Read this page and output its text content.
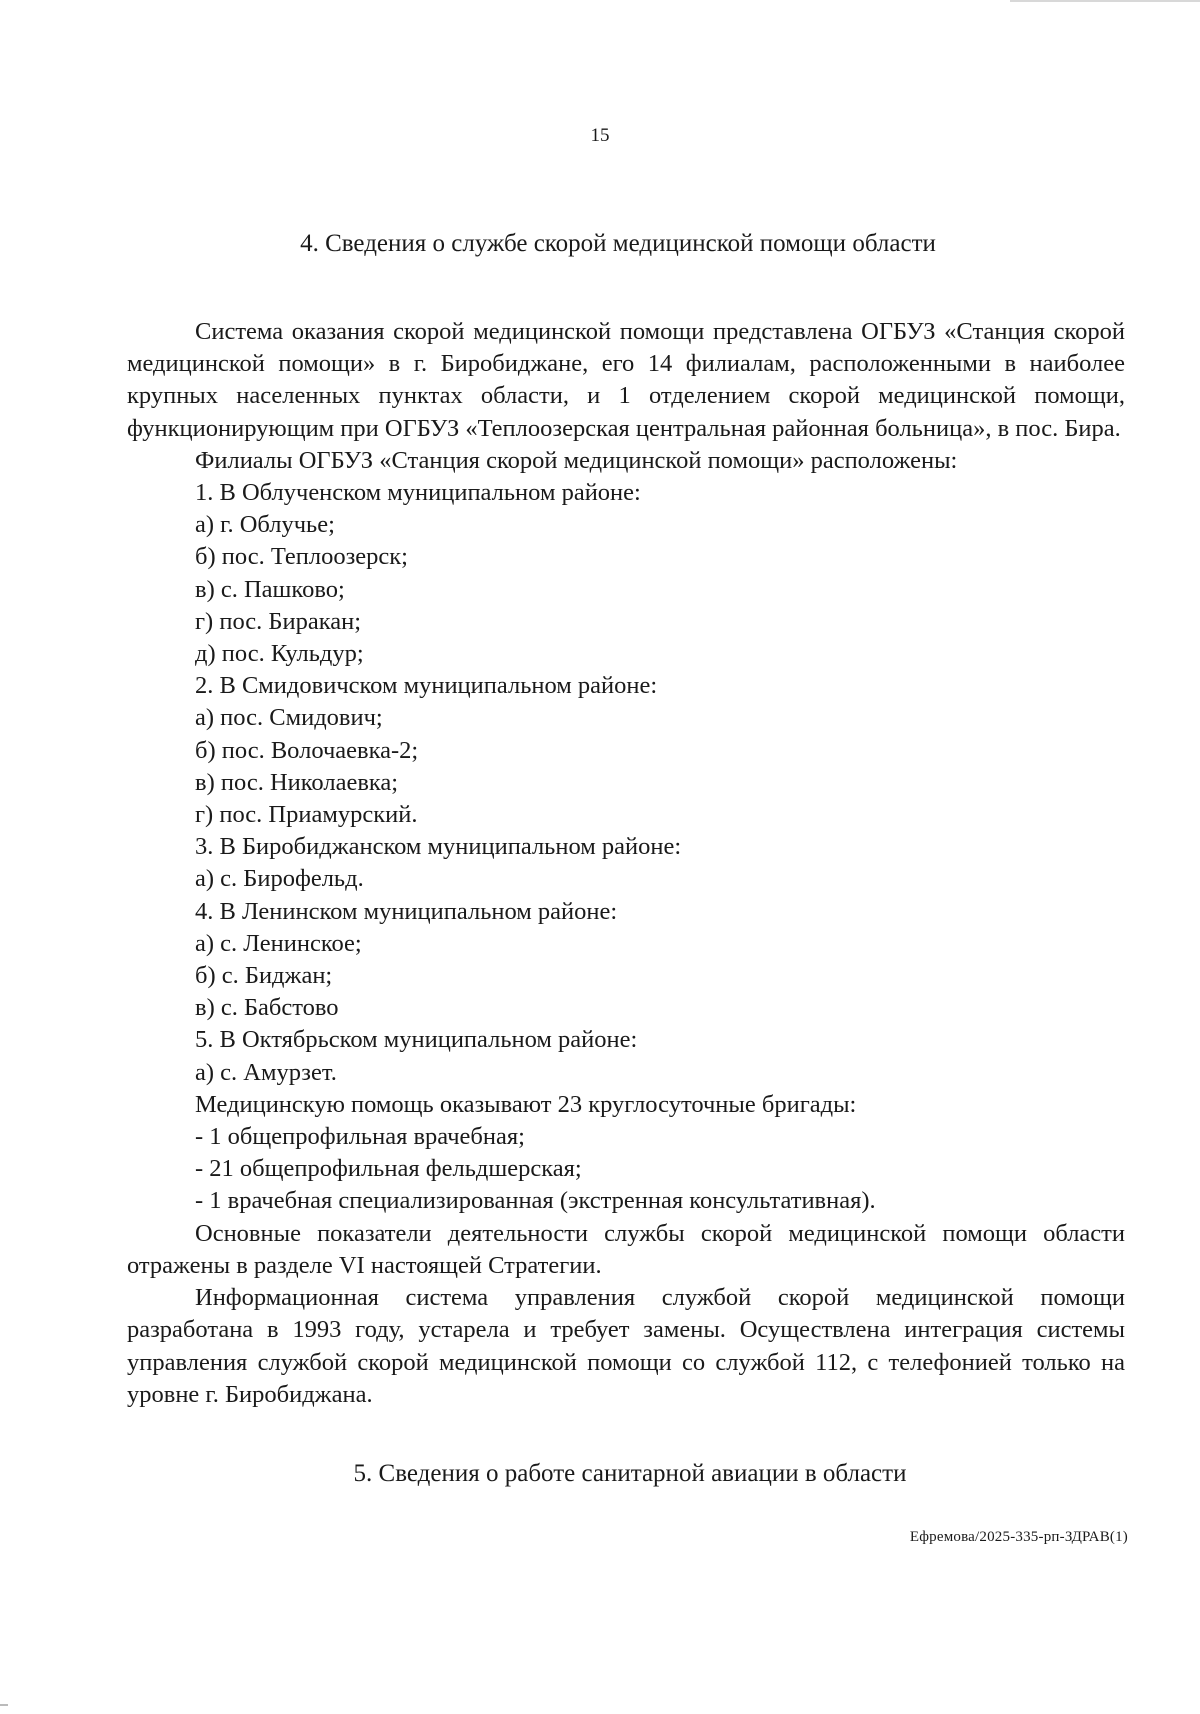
15
4. Сведения о службе скорой медицинской помощи области

Система оказания скорой медицинской помощи представлена ОГБУЗ «Станция скорой медицинской помощи» в г. Биробиджане, его 14 филиалам, расположенными в наиболее крупных населенных пунктах области, и 1 отделением скорой медицинской помощи, функционирующим при ОГБУЗ «Теплоозерская центральная районная больница», в пос. Бира.

Филиалы ОГБУЗ «Станция скорой медицинской помощи» расположены:

1. В Облученском муниципальном районе:

а) г. Облучье;

б) пос. Теплоозерск;

в) с. Пашково;

г) пос. Биракан;

д) пос. Кульдур;

2. В Смидовичском муниципальном районе:

а) пос. Смидович;

б) пос. Волочаевка-2;

в) пос. Николаевка;

г) пос. Приамурский.

3. В Биробиджанском муниципальном районе:

а) с. Бирофельд.

4. В Ленинском муниципальном районе:

а) с. Ленинское;

б) с. Биджан;

в) с. Бабстово

5. В Октябрьском муниципальном районе:

а) с. Амурзет.

Медицинскую помощь оказывают 23 круглосуточные бригады:

- 1 общепрофильная врачебная;

- 21 общепрофильная фельдшерская;

- 1 врачебная специализированная (экстренная консультативная).

Основные показатели деятельности службы скорой медицинской помощи области отражены в разделе VI настоящей Стратегии.

Информационная система управления службой скорой медицинской помощи разработана в 1993 году, устарела и требует замены. Осуществлена интеграция системы управления службой скорой медицинской помощи со службой 112, с телефонией только на уровне г. Биробиджана.

5. Сведения о работе санитарной авиации в области
Ефремова/2025-335-рп-ЗДРАВ(1)
